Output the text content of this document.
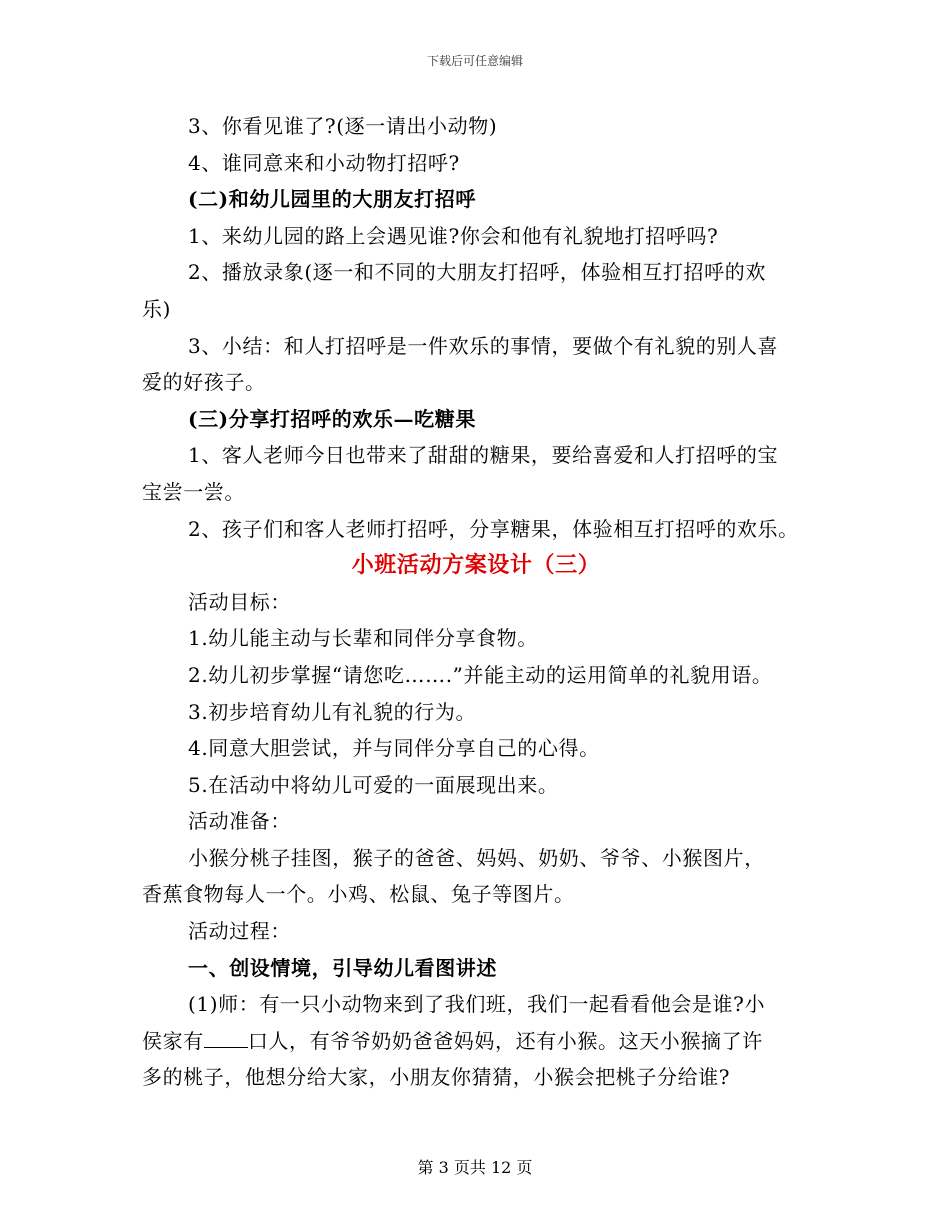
下载后可任意编辑

3、你看见谁了?(逐一请出小动物)

4、谁同意来和小动物打招呼?

(二)和幼儿园里的大朋友打招呼

1、来幼儿园的路上会遇见谁?你会和他有礼貌地打招呼吗?

2、播放录象(逐一和不同的大朋友打招呼，体验相互打招呼的欢

乐)

3、小结：和人打招呼是一件欢乐的事情，要做个有礼貌的别人喜

爱的好孩子。

(三)分享打招呼的欢乐—吃糖果

1、客人老师今日也带来了甜甜的糖果，要给喜爱和人打招呼的宝

宝尝一尝。

2、孩子们和客人老师打招呼，分享糖果，体验相互打招呼的欢乐。

小班活动方案设计（三）

活动目标：

1.幼儿能主动与长辈和同伴分享食物。

2.幼儿初步掌握“请您吃…….”并能主动的运用简单的礼貌用语。

3.初步培育幼儿有礼貌的行为。

4.同意大胆尝试，并与同伴分享自己的心得。

5.在活动中将幼儿可爱的一面展现出来。

活动准备：

小猴分桃子挂图，猴子的爸爸、妈妈、奶奶、爷爷、小猴图片，

香蕉食物每人一个。小鸡、松鼠、兔子等图片。

活动过程：

一、创设情境，引导幼儿看图讲述

(1)师：有一只小动物来到了我们班，我们一起看看他会是谁?小

侯家有 口人，有爷爷奶奶爸爸妈妈，还有小猴。这天小猴摘了许

多的桃子，他想分给大家，小朋友你猜猜，小猴会把桃子分给谁?

第 3 页共 12 页
